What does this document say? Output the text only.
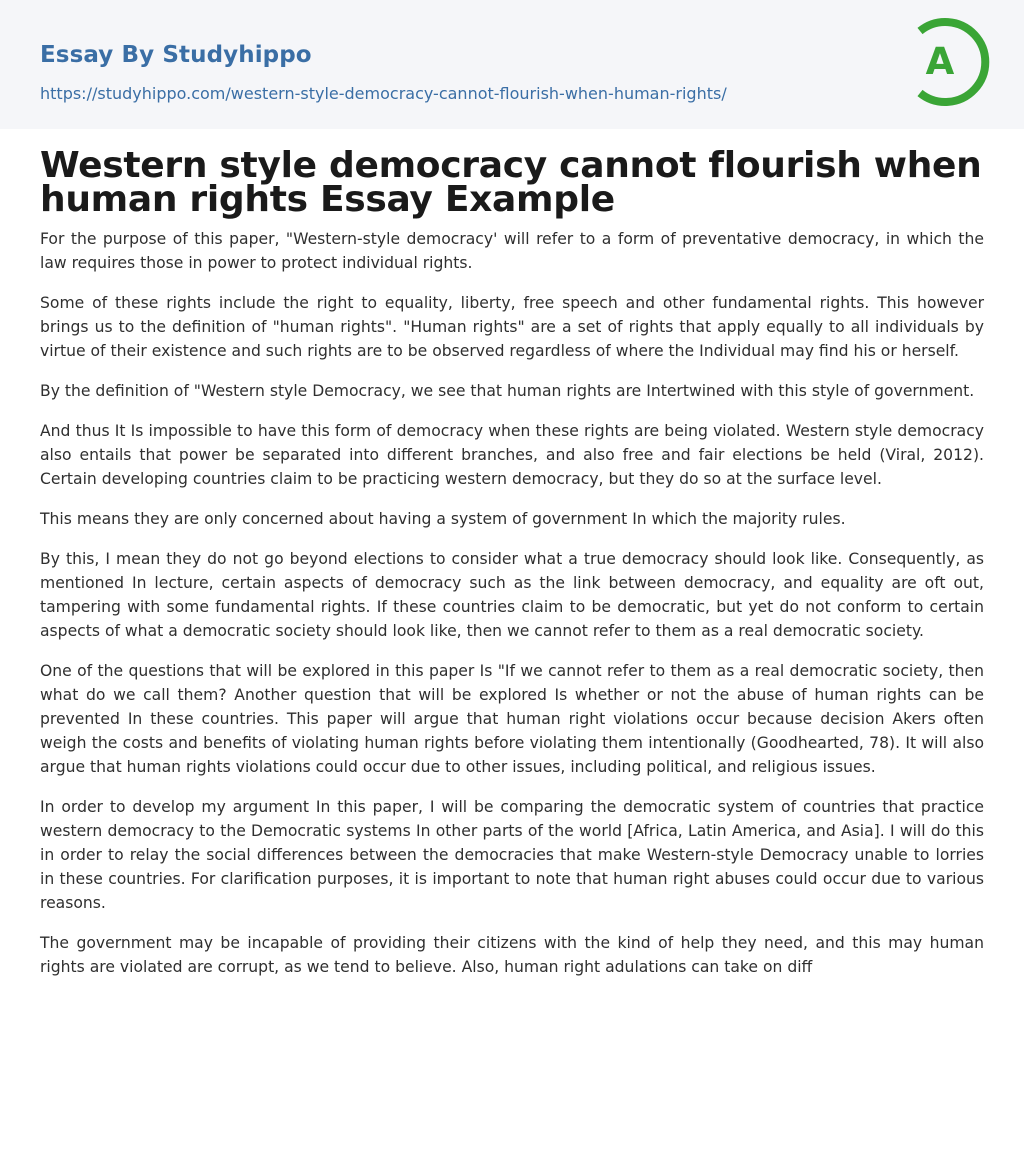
Essay By Studyhippo
https://studyhippo.com/western-style-democracy-cannot-flourish-when-human-rights/
A
Western style democracy cannot flourish when human rights Essay Example

For the purpose of this paper, "Western-style democracy' will refer to a form of preventative democracy, in which the law requires those in power to protect individual rights.

Some of these rights include the right to equality, liberty, free speech and other fundamental rights. This however brings us to the definition of "human rights". "Human rights" are a set of rights that apply equally to all individuals by virtue of their existence and such rights are to be observed regardless of where the Individual may find his or herself.

By the definition of "Western style Democracy, we see that human rights are Intertwined with this style of government.

And thus It Is impossible to have this form of democracy when these rights are being violated. Western style democracy also entails that power be separated into different branches, and also free and fair elections be held (Viral, 2012). Certain developing countries claim to be practicing western democracy, but they do so at the surface level.

This means they are only concerned about having a system of government In which the majority rules.

By this, I mean they do not go beyond elections to consider what a true democracy should look like. Consequently, as mentioned In lecture, certain aspects of democracy such as the link between democracy, and equality are oft out, tampering with some fundamental rights. If these countries claim to be democratic, but yet do not conform to certain aspects of what a democratic society should look like, then we cannot refer to them as a real democratic society.

One of the questions that will be explored in this paper Is "If we cannot refer to them as a real democratic society, then what do we call them? Another question that will be explored Is whether or not the abuse of human rights can be prevented In these countries. This paper will argue that human right violations occur because decision Akers often weigh the costs and benefits of violating human rights before violating them intentionally (Goodhearted, 78). It will also argue that human rights violations could occur due to other issues, including political, and religious issues.

In order to develop my argument In this paper, I will be comparing the democratic system of countries that practice western democracy to the Democratic systems In other parts of the world [Africa, Latin America, and Asia]. I will do this in order to relay the social differences between the democracies that make Western-style Democracy unable to lorries in these countries. For clarification purposes, it is important to note that human right abuses could occur due to various reasons.

The government may be incapable of providing their citizens with the kind of help they need, and this may human rights are violated are corrupt, as we tend to believe. Also, human right adulations can take on diff
